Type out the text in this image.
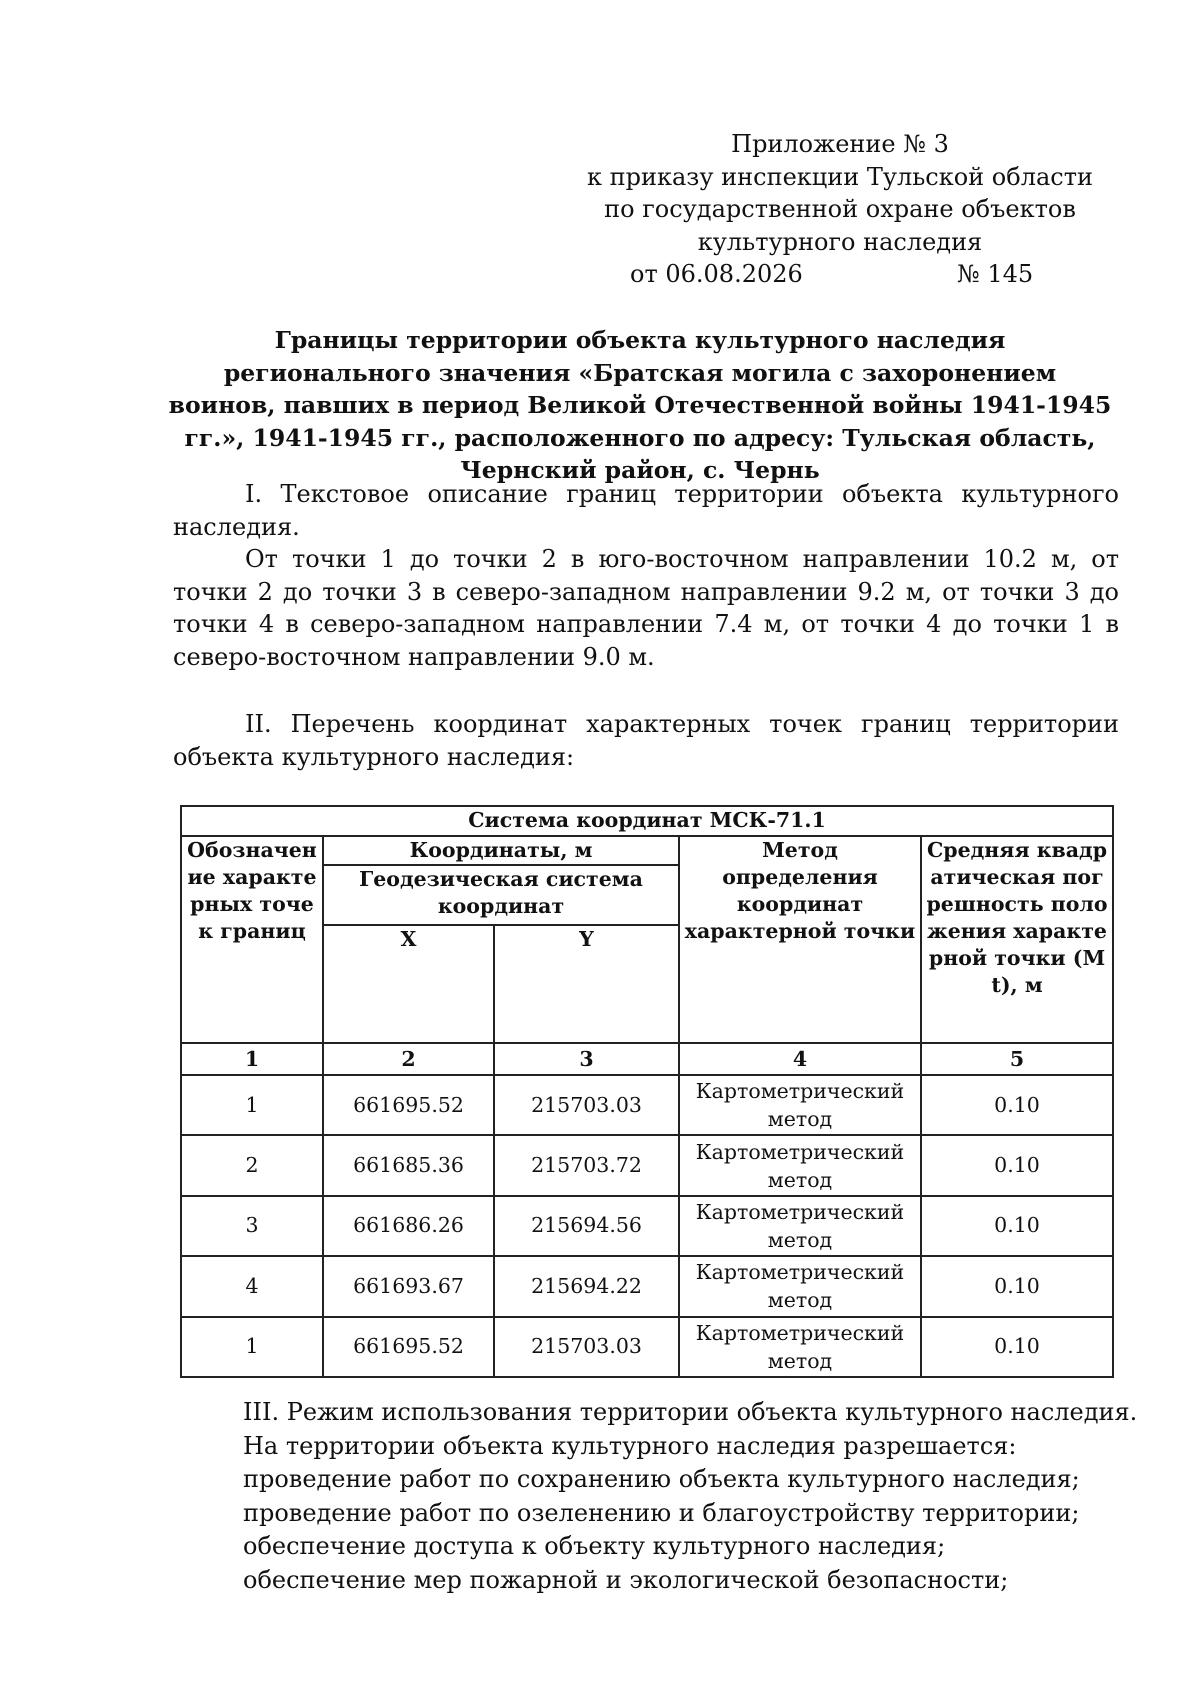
Приложение № 3
к приказу инспекции Тульской области
по государственной охране объектов
культурного наследия
от 06.08.2026	№ 145
Границы территории объекта культурного наследия регионального значения «Братская могила с захоронением воинов, павших в период Великой Отечественной войны 1941-1945 гг.», 1941-1945 гг., расположенного по адресу: Тульская область, Чернский район, с. Чернь

I. Текстовое описание границ территории объекта культурного наследия.

От точки 1 до точки 2 в юго-восточном направлении 10.2 м, от точки 2 до точки 3 в северо-западном направлении 9.2 м, от точки 3 до точки 4 в северо-западном направлении 7.4 м, от точки 4 до точки 1 в северо-восточном направлении 9.0 м.

II. Перечень координат характерных точек границ территории объекта культурного наследия:

Система координат МСК-71.1				
Обозначение характерных точек границ	Координаты, м		Метод определения координат характерной точки	Средняя квадратическая погрешность положения характерной точки (Mt), м
	Геодезическая система координат			
	X	Y		
1	2	3	4	5
1	661695.52	215703.03	Картометрический метод	0.10
2	661685.36	215703.72	Картометрический метод	0.10
3	661686.26	215694.56	Картометрический метод	0.10
4	661693.67	215694.22	Картометрический метод	0.10
1	661695.52	215703.03	Картометрический метод	0.10
III. Режим использования территории объекта культурного наследия.
На территории объекта культурного наследия разрешается:
проведение работ по сохранению объекта культурного наследия;
проведение работ по озеленению и благоустройству территории;
обеспечение доступа к объекту культурного наследия;
обеспечение мер пожарной и экологической безопасности;
